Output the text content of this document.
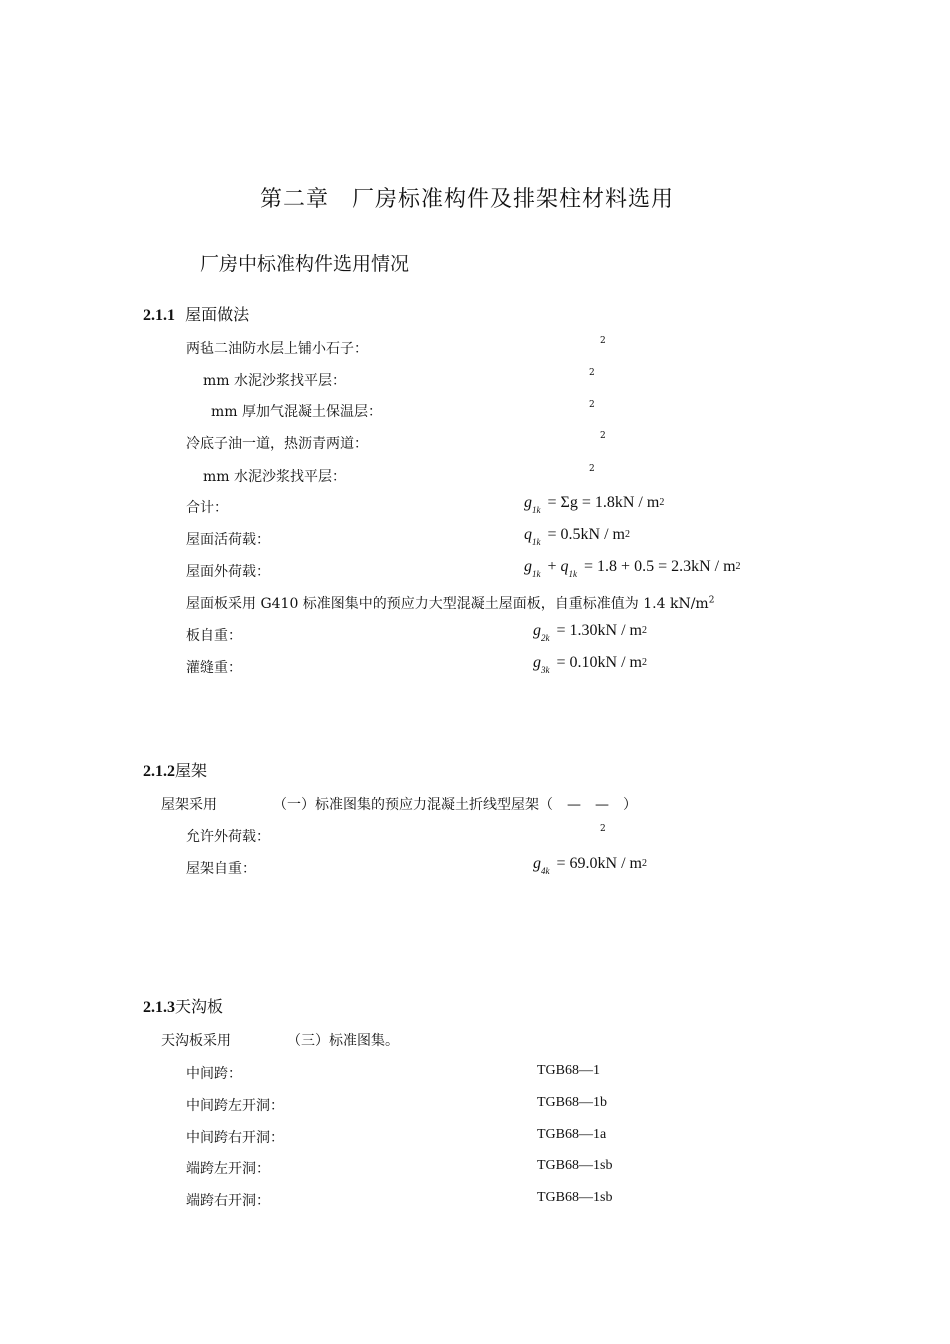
第二章　厂房标准构件及排架柱材料选用
厂房中标准构件选用情况
2.1.1 屋面做法
两毡二油防水层上铺小石子：	2
mm 水泥沙浆找平层：	2
mm 厚加气混凝土保温层：	2
冷底子油一道，热沥青两道：	2
mm 水泥沙浆找平层：	2
合计：	$g_{1k} = \Sigma g = 1.8kN / m^2$
屋面活荷载：	$q_{1k} = 0.5kN / m^2$
屋面外荷载：	$g_{1k} + q_{1k} = 1.8 + 0.5 = 2.3kN / m^2$
屋面板采用 G410 标准图集中的预应力大型混凝土屋面板，自重标准值为 1.4 $kN/m^2$
板自重：	$g_{2k} = 1.30kN / m^2$
灌缝重：	$g_{3k} = 0.10kN / m^2$
2.1.2屋架
屋架采用	（一）标准图集的预应力混凝土折线型屋架（　—　—　）
允许外荷载：	2
屋架自重：	$g_{4k} = 69.0kN / m^2$
2.1.3天沟板
天沟板采用	（三）标准图集。
中间跨：	TGB68—1
中间跨左开洞：	TGB68—1b
中间跨右开洞：	TGB68—1a
端跨左开洞：	TGB68—1sb
端跨右开洞：	TGB68—1sb
